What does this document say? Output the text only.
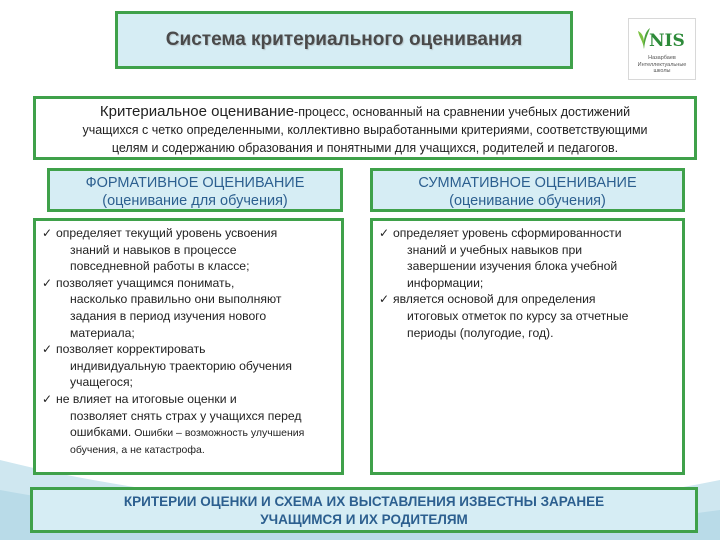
Система критериального оценивания	NIS
Назарбаев
Интеллектуальные
школы
Критериальное оценивание-процесс, основанный на сравнении учебных достижений
учащихся с четко определенными, коллективно выработанными критериями, соответствующими
целям и содержанию образования и понятными для учащихся, родителей и педагогов.
ФОРМАТИВНОЕ ОЦЕНИВАНИЕ
(оценивание для обучения)
СУММАТИВНОЕ ОЦЕНИВАНИЕ
(оценивание обучения)
✓ определяет текущий уровень усвоения
знаний и навыков в процессе
повседневной работы в классе;
✓ позволяет учащимся понимать,
насколько правильно они выполняют
задания в период изучения нового
материала;
✓ позволяет корректировать
индивидуальную траекторию обучения
учащегося;
✓ не влияет на итоговые оценки и
позволяет снять страх у учащихся перед
ошибками. Ошибки – возможность улучшения
обучения, а не катастрофа.
✓ определяет уровень сформированности
знаний и учебных навыков при
завершении изучения блока учебной
информации;
✓ является основой для определения
итоговых отметок по курсу за отчетные
периоды (полугодие, год).
КРИТЕРИИ ОЦЕНКИ И СХЕМА ИХ ВЫСТАВЛЕНИЯ ИЗВЕСТНЫ ЗАРАНЕЕ
УЧАЩИМСЯ И ИХ РОДИТЕЛЯМ
